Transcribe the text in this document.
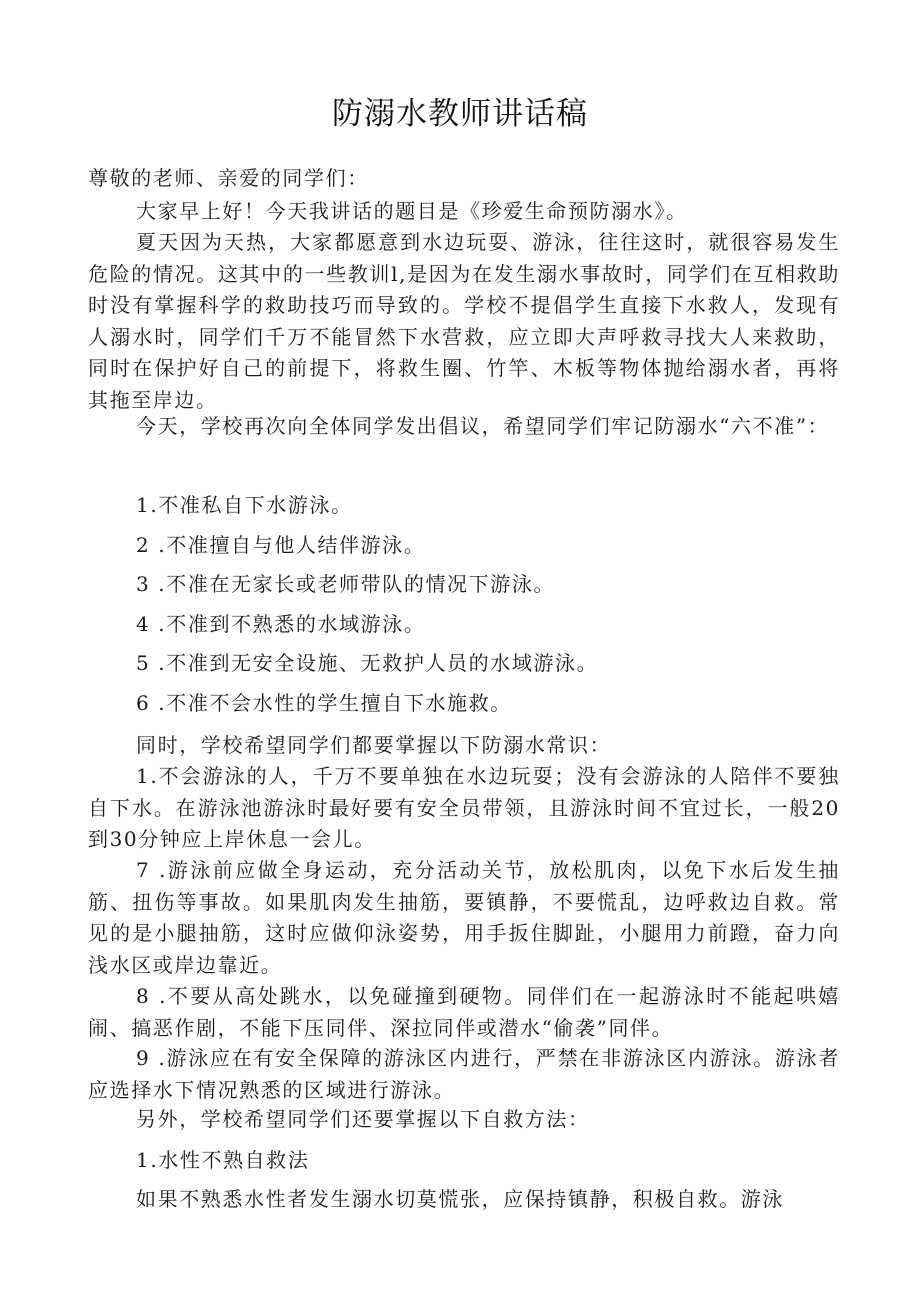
防溺水教师讲话稿

尊敬的老师、亲爱的同学们：

大家早上好！今天我讲话的题目是《珍爱生命预防溺水》。

夏天因为天热，大家都愿意到水边玩耍、游泳，往往这时，就很容易发生危险的情况。这其中的一些教训l,是因为在发生溺水事故时，同学们在互相救助时没有掌握科学的救助技巧而导致的。学校不提倡学生直接下水救人，发现有人溺水时，同学们千万不能冒然下水营救，应立即大声呼救寻找大人来救助，同时在保护好自己的前提下，将救生圈、竹竿、木板等物体抛给溺水者，再将其拖至岸边。

今天，学校再次向全体同学发出倡议，希望同学们牢记防溺水“六不准”：

1.不准私自下水游泳。

2 .不准擅自与他人结伴游泳。

3 .不准在无家长或老师带队的情况下游泳。

4 .不准到不熟悉的水域游泳。

5 .不准到无安全设施、无救护人员的水域游泳。

6 .不准不会水性的学生擅自下水施救。

同时，学校希望同学们都要掌握以下防溺水常识：

1.不会游泳的人，千万不要单独在水边玩耍；没有会游泳的人陪伴不要独自下水。在游泳池游泳时最好要有安全员带领，且游泳时间不宜过长，一般20到30分钟应上岸休息一会儿。

7 .游泳前应做全身运动，充分活动关节，放松肌肉，以免下水后发生抽筋、扭伤等事故。如果肌肉发生抽筋，要镇静，不要慌乱，边呼救边自救。常见的是小腿抽筋，这时应做仰泳姿势，用手扳住脚趾，小腿用力前蹬，奋力向浅水区或岸边靠近。

8 .不要从高处跳水，以免碰撞到硬物。同伴们在一起游泳时不能起哄嬉闹、搞恶作剧，不能下压同伴、深拉同伴或潜水“偷袭”同伴。

9 .游泳应在有安全保障的游泳区内进行，严禁在非游泳区内游泳。游泳者应选择水下情况熟悉的区域进行游泳。

另外，学校希望同学们还要掌握以下自救方法：

1.水性不熟自救法

如果不熟悉水性者发生溺水切莫慌张，应保持镇静，积极自救。游泳
